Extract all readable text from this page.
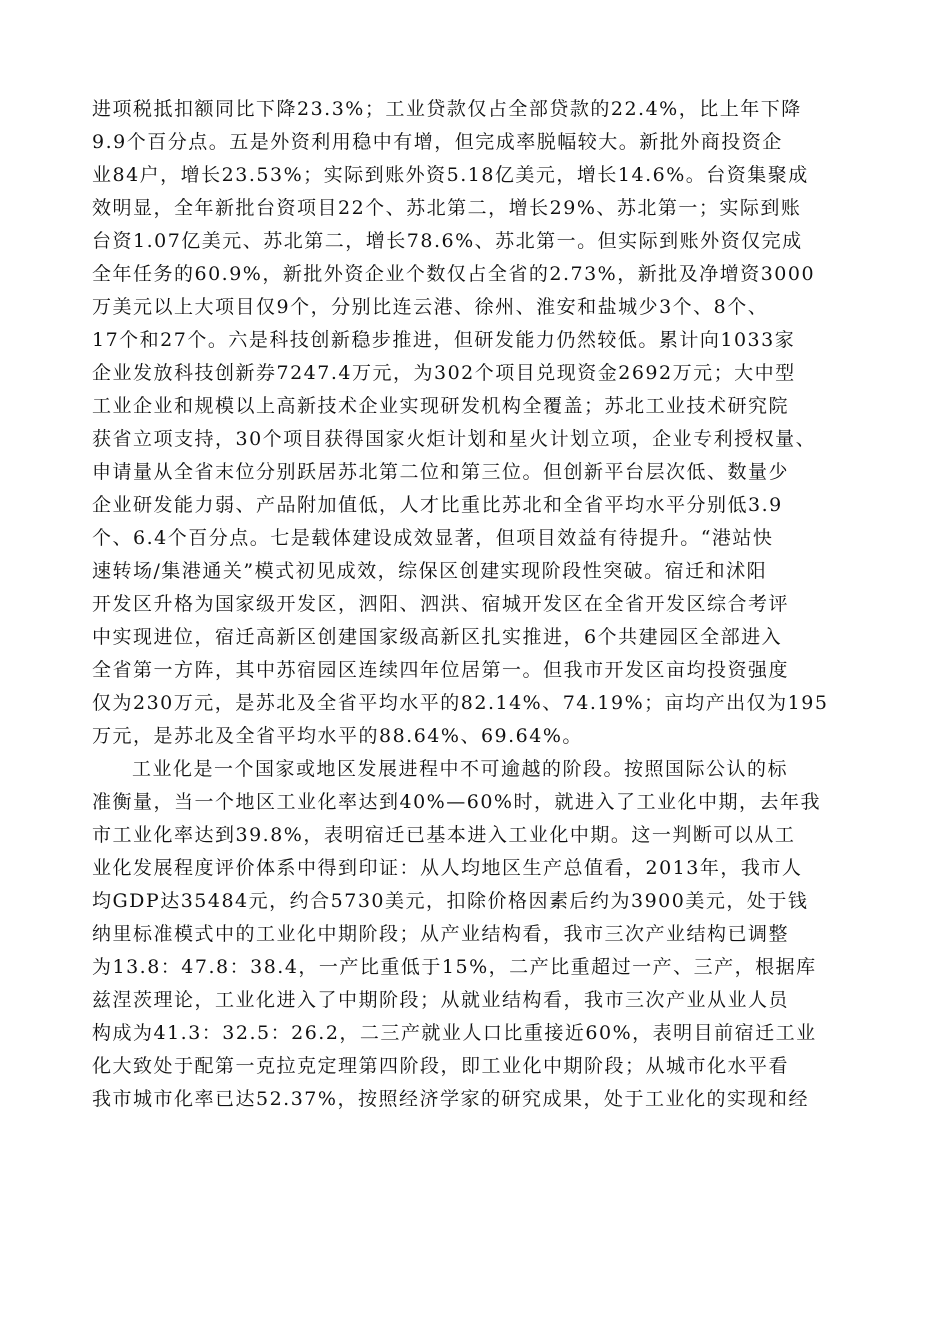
进项税抵扣额同比下降23.3%；工业贷款仅占全部贷款的22.4%，比上年下降
9.9个百分点。五是外资利用稳中有增，但完成率脱幅较大。新批外商投资企
业84户，增长23.53%；实际到账外资5.18亿美元，增长14.6%。台资集聚成
效明显，全年新批台资项目22个、苏北第二，增长29%、苏北第一；实际到账
台资1.07亿美元、苏北第二，增长78.6%、苏北第一。但实际到账外资仅完成
全年任务的60.9%，新批外资企业个数仅占全省的2.73%，新批及净增资3000
万美元以上大项目仅9个，分别比连云港、徐州、淮安和盐城少3个、8个、
17个和27个。六是科技创新稳步推进，但研发能力仍然较低。累计向1033家
企业发放科技创新券7247.4万元，为302个项目兑现资金2692万元；大中型
工业企业和规模以上高新技术企业实现研发机构全覆盖；苏北工业技术研究院
获省立项支持，30个项目获得国家火炬计划和星火计划立项，企业专利授权量、
申请量从全省末位分别跃居苏北第二位和第三位。但创新平台层次低、数量少
企业研发能力弱、产品附加值低，人才比重比苏北和全省平均水平分别低3.9
个、6.4个百分点。七是载体建设成效显著，但项目效益有待提升。“港站快
速转场/集港通关”模式初见成效，综保区创建实现阶段性突破。宿迁和沭阳
开发区升格为国家级开发区，泗阳、泗洪、宿城开发区在全省开发区综合考评
中实现进位，宿迁高新区创建国家级高新区扎实推进，6个共建园区全部进入
全省第一方阵，其中苏宿园区连续四年位居第一。但我市开发区亩均投资强度
仅为230万元，是苏北及全省平均水平的82.14%、74.19%；亩均产出仅为195
万元，是苏北及全省平均水平的88.64%、69.64%。
工业化是一个国家或地区发展进程中不可逾越的阶段。按照国际公认的标
准衡量，当一个地区工业化率达到40%—60%时，就进入了工业化中期，去年我
市工业化率达到39.8%，表明宿迁已基本进入工业化中期。这一判断可以从工
业化发展程度评价体系中得到印证：从人均地区生产总值看，2013年，我市人
均GDP达35484元，约合5730美元，扣除价格因素后约为3900美元，处于钱
纳里标准模式中的工业化中期阶段；从产业结构看，我市三次产业结构已调整
为13.8：47.8：38.4，一产比重低于15%，二产比重超过一产、三产，根据库
兹涅茨理论，工业化进入了中期阶段；从就业结构看，我市三次产业从业人员
构成为41.3：32.5：26.2，二三产就业人口比重接近60%，表明目前宿迁工业
化大致处于配第一克拉克定理第四阶段，即工业化中期阶段；从城市化水平看
我市城市化率已达52.37%，按照经济学家的研究成果，处于工业化的实现和经
